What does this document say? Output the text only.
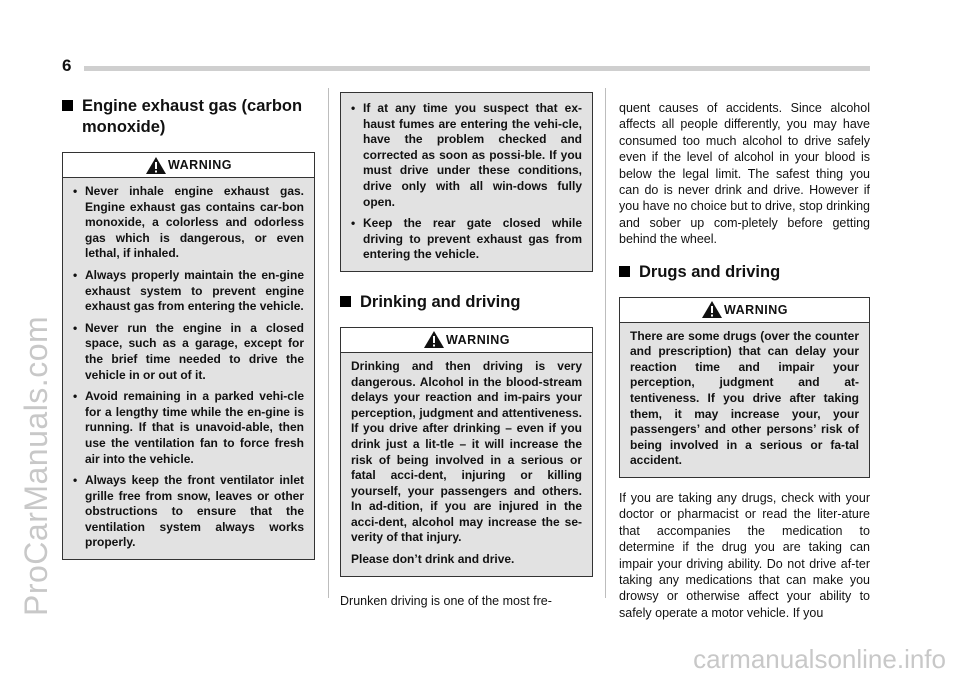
6
Engine exhaust gas (carbon monoxide)
WARNING
• Never inhale engine exhaust gas. Engine exhaust gas contains car-bon monoxide, a colorless and odorless gas which is dangerous, or even lethal, if inhaled.
• Always properly maintain the en-gine exhaust system to prevent engine exhaust gas from entering the vehicle.
• Never run the engine in a closed space, such as a garage, except for the brief time needed to drive the vehicle in or out of it.
• Avoid remaining in a parked vehi-cle for a lengthy time while the en-gine is running. If that is unavoid-able, then use the ventilation fan to force fresh air into the vehicle.
• Always keep the front ventilator inlet grille free from snow, leaves or other obstructions to ensure that the ventilation system always works properly.
• If at any time you suspect that ex-haust fumes are entering the vehi-cle, have the problem checked and corrected as soon as possi-ble. If you must drive under these conditions, drive only with all win-dows fully open.
• Keep the rear gate closed while driving to prevent exhaust gas from entering the vehicle.
Drinking and driving
WARNING

Drinking and then driving is very dangerous. Alcohol in the blood-stream delays your reaction and im-pairs your perception, judgment and attentiveness. If you drive after drinking – even if you drink just a lit-tle – it will increase the risk of being involved in a serious or fatal acci-dent, injuring or killing yourself, your passengers and others. In ad-dition, if you are injured in the acci-dent, alcohol may increase the se-verity of that injury.

Please don’t drink and drive.

Drunken driving is one of the most fre-

quent causes of accidents. Since alcohol affects all people differently, you may have consumed too much alcohol to drive safely even if the level of alcohol in your blood is below the legal limit. The safest thing you can do is never drink and drive. However if you have no choice but to drive, stop drinking and sober up com-pletely before getting behind the wheel.

Drugs and driving
WARNING

There are some drugs (over the counter and prescription) that can delay your reaction time and impair your perception, judgment and at-tentiveness. If you drive after taking them, it may increase your, your passengers’ and other persons’ risk of being involved in a serious or fa-tal accident.

If you are taking any drugs, check with your doctor or pharmacist or read the liter-ature that accompanies the medication to determine if the drug you are taking can impair your driving ability. Do not drive af-ter taking any medications that can make you drowsy or otherwise affect your ability to safely operate a motor vehicle. If you

ProCarManuals.com
carmanualsonline.info
